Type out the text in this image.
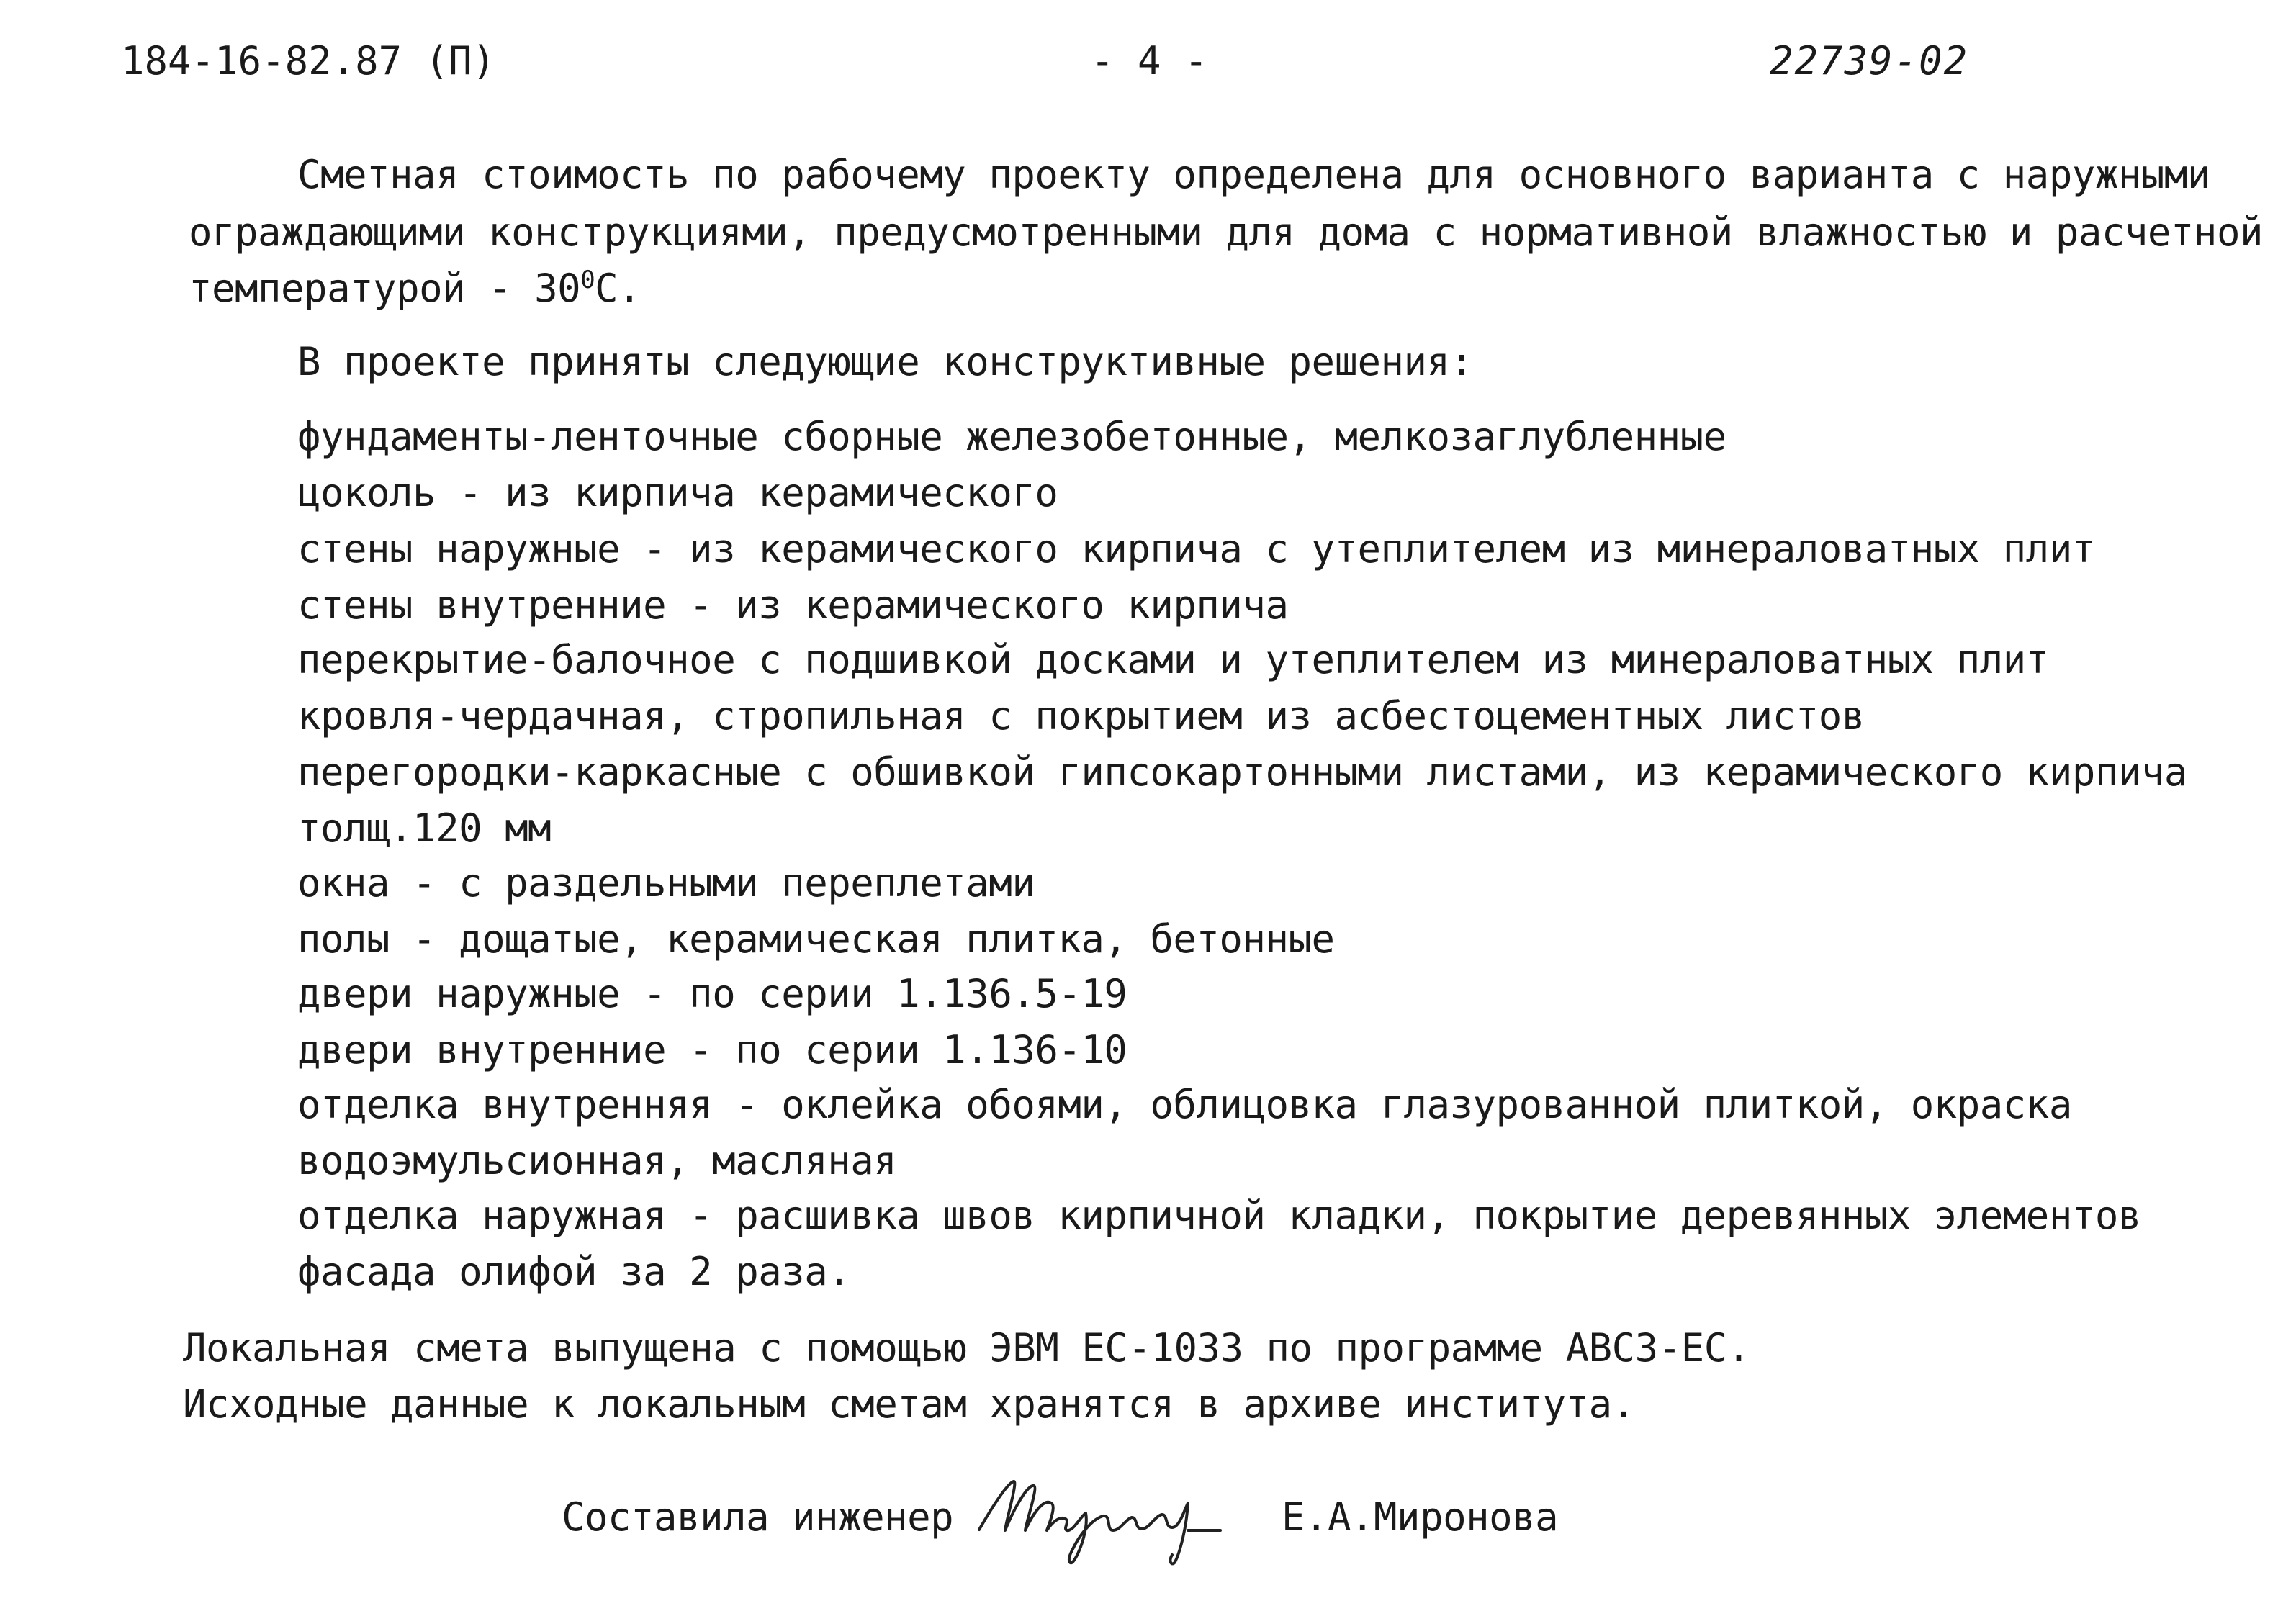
184-16-82.87 (П)	- 4 -	22739-02
Сметная стоимость по рабочему проекту определена для основного варианта с наружными
ограждающими конструкциями, предусмотренными для дома с нормативной влажностью и расчетной
температурой - $30^0С$.
В проекте приняты следующие конструктивные решения:
фундаменты-ленточные сборные железобетонные, мелкозаглубленные
цоколь - из кирпича керамического
стены наружные - из керамического кирпича с утеплителем из минераловатных плит
стены внутренние - из керамического кирпича
перекрытие-балочное с подшивкой досками и утеплителем из минераловатных плит
кровля-чердачная, стропильная с покрытием из асбестоцементных листов
перегородки-каркасные с обшивкой гипсокартонными листами, из керамического кирпича
толщ.120 мм
окна - с раздельными переплетами
полы - дощатые, керамическая плитка, бетонные
двери наружные - по серии 1.136.5-19
двери внутренние - по серии 1.136-10
отделка внутренняя - оклейка обоями, облицовка глазурованной плиткой, окраска
водоэмульсионная, масляная
отделка наружная - расшивка швов кирпичной кладки, покрытие деревянных элементов
фасада олифой за 2 раза.
Локальная смета выпущена с помощью ЭВМ ЕС-1033 по программе АВСЗ-ЕС.
Исходные данные к локальным сметам хранятся в архиве института.
Составила инженер	Е.А.Миронова
